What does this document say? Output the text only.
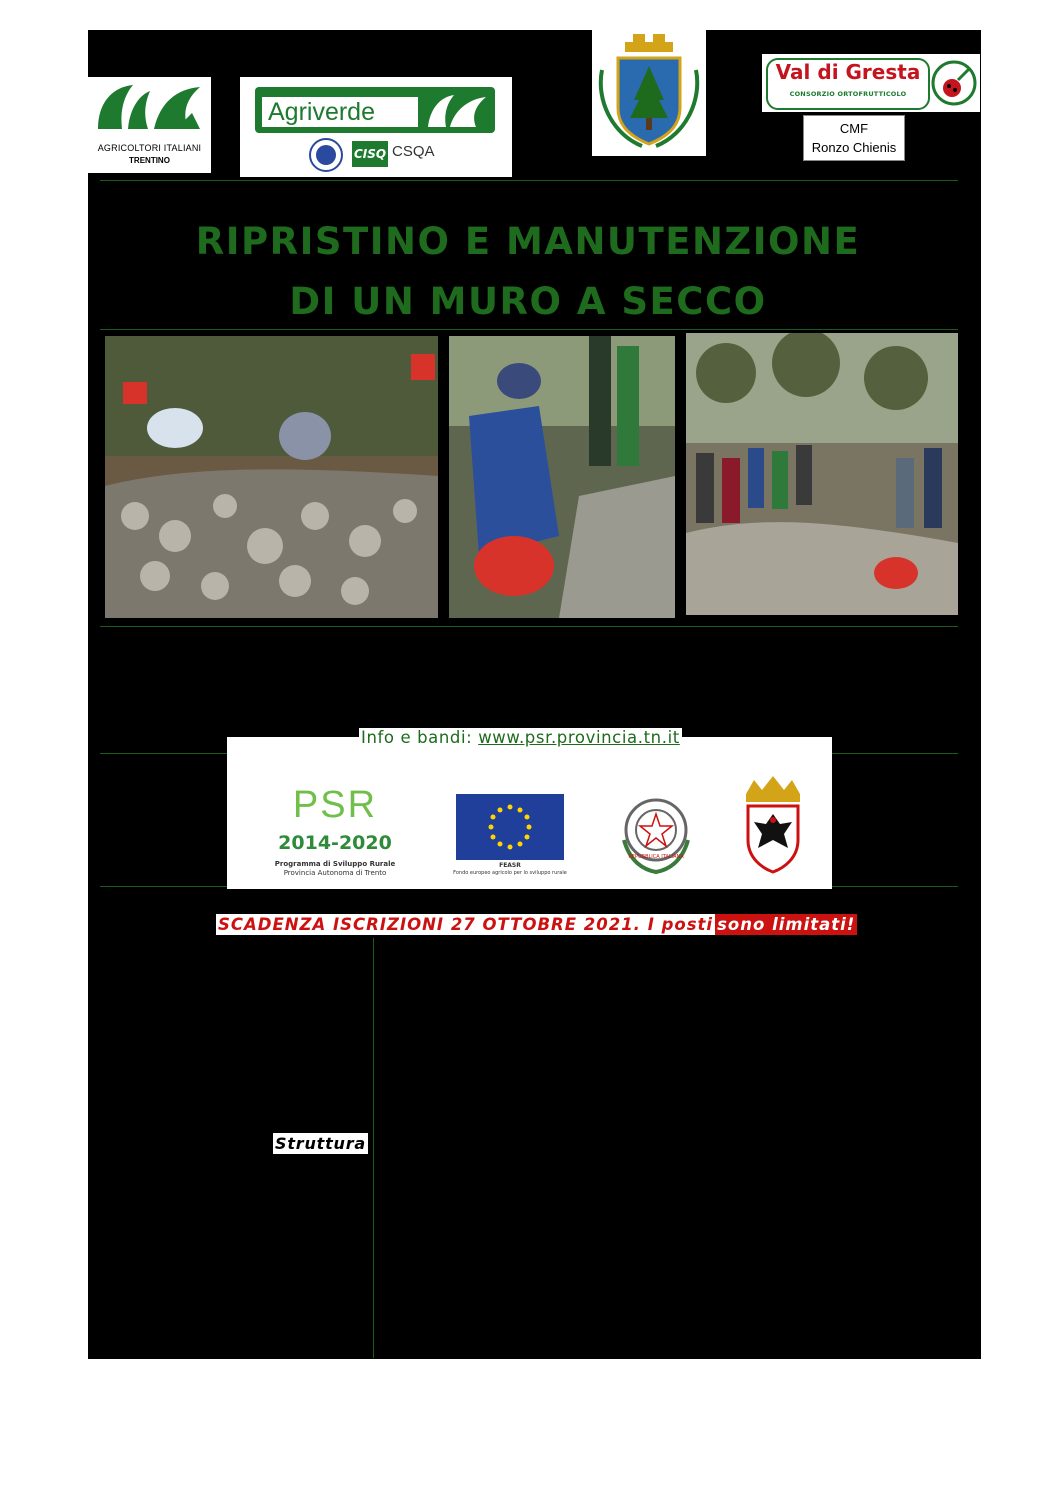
AGRICOLTORI ITALIANI
TRENTINO
Agriverde
CISQ CSQA
Val di Gresta
CONSORZIO ORTOFRUTTICOLO
CMF
Ronzo Chienis
RIPRISTINO E MANUTENZIONE
DI UN MURO A SECCO
Info e bandi: www.psr.provincia.tn.it
PSR
2014-2020
Programma di Sviluppo Rurale
Provincia Autonoma di Trento
FEASR
Fondo europeo agricolo per lo sviluppo rurale
REPUBBLICA ITALIANA
SCADENZA ISCRIZIONI 27 OTTOBRE 2021. I posti sono limitati!
Struttura
